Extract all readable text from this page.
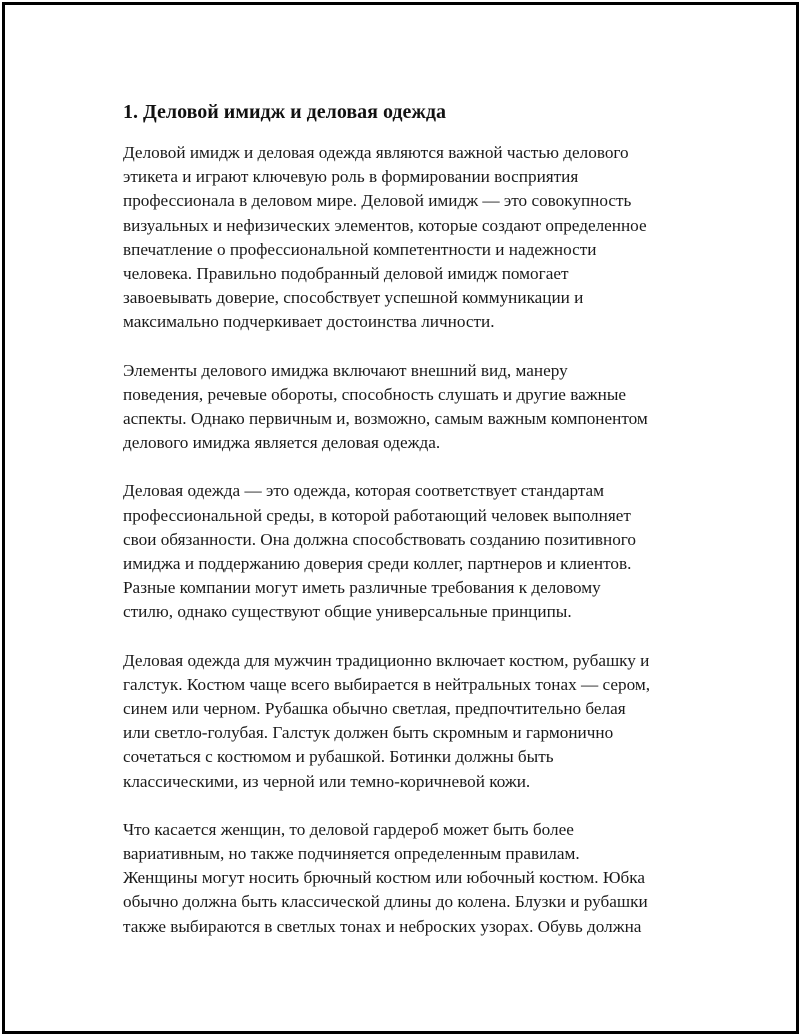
1. Деловой имидж и деловая одежда
Деловой имидж и деловая одежда являются важной частью делового
этикета и играют ключевую роль в формировании восприятия
профессионала в деловом мире. Деловой имидж — это совокупность
визуальных и нефизических элементов, которые создают определенное
впечатление о профессиональной компетентности и надежности
человека. Правильно подобранный деловой имидж помогает
завоевывать доверие, способствует успешной коммуникации и
максимально подчеркивает достоинства личности.
Элементы делового имиджа включают внешний вид, манеру
поведения, речевые обороты, способность слушать и другие важные
аспекты. Однако первичным и, возможно, самым важным компонентом
делового имиджа является деловая одежда.
Деловая одежда — это одежда, которая соответствует стандартам
профессиональной среды, в которой работающий человек выполняет
свои обязанности. Она должна способствовать созданию позитивного
имиджа и поддержанию доверия среди коллег, партнеров и клиентов.
Разные компании могут иметь различные требования к деловому
стилю, однако существуют общие универсальные принципы.
Деловая одежда для мужчин традиционно включает костюм, рубашку и
галстук. Костюм чаще всего выбирается в нейтральных тонах — сером,
синем или черном. Рубашка обычно светлая, предпочтительно белая
или светло-голубая. Галстук должен быть скромным и гармонично
сочетаться с костюмом и рубашкой. Ботинки должны быть
классическими, из черной или темно-коричневой кожи.
Что касается женщин, то деловой гардероб может быть более
вариативным, но также подчиняется определенным правилам.
Женщины могут носить брючный костюм или юбочный костюм. Юбка
обычно должна быть классической длины до колена. Блузки и рубашки
также выбираются в светлых тонах и неброских узорах. Обувь должна
